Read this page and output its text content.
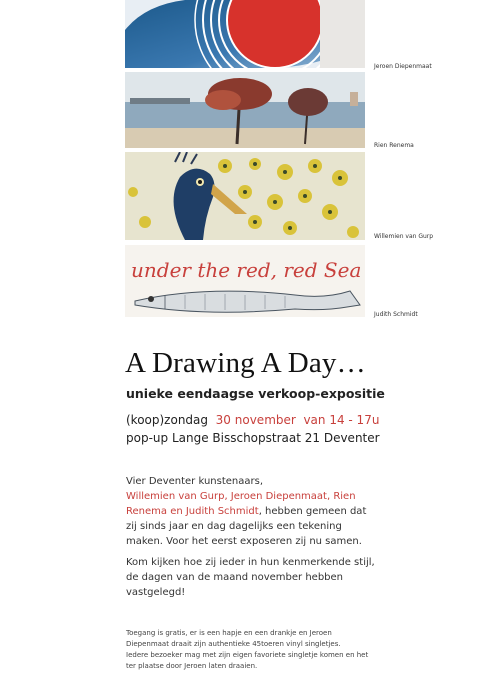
Jeroen Diepenmaat
Rien Renema
Willemien van Gurp
under the red, red Sea
Judith Schmidt
A Drawing A Day…
unieke eendaagse verkoop-expositie
(koop)zondag 30 november van 14 - 17u
pop-up Lange Bisschopstraat 21 Deventer

Vier Deventer kunstenaars,

Willemien van Gurp, Jeroen Diepenmaat, Rien Renema en Judith Schmidt, hebben gemeen dat zij sinds jaar en dag dagelijks een tekening maken. Voor het eerst exposeren zij nu samen.

Kom kijken hoe zij ieder in hun kenmerkende stijl, de dagen van de maand november hebben vastgelegd!

Toegang is gratis, er is een hapje en een drankje en Jeroen Diepenmaat draait zijn authentieke 45toeren vinyl singletjes.

Iedere bezoeker mag met zijn eigen favoriete singletje komen en het ter plaatse door Jeroen laten draaien.
